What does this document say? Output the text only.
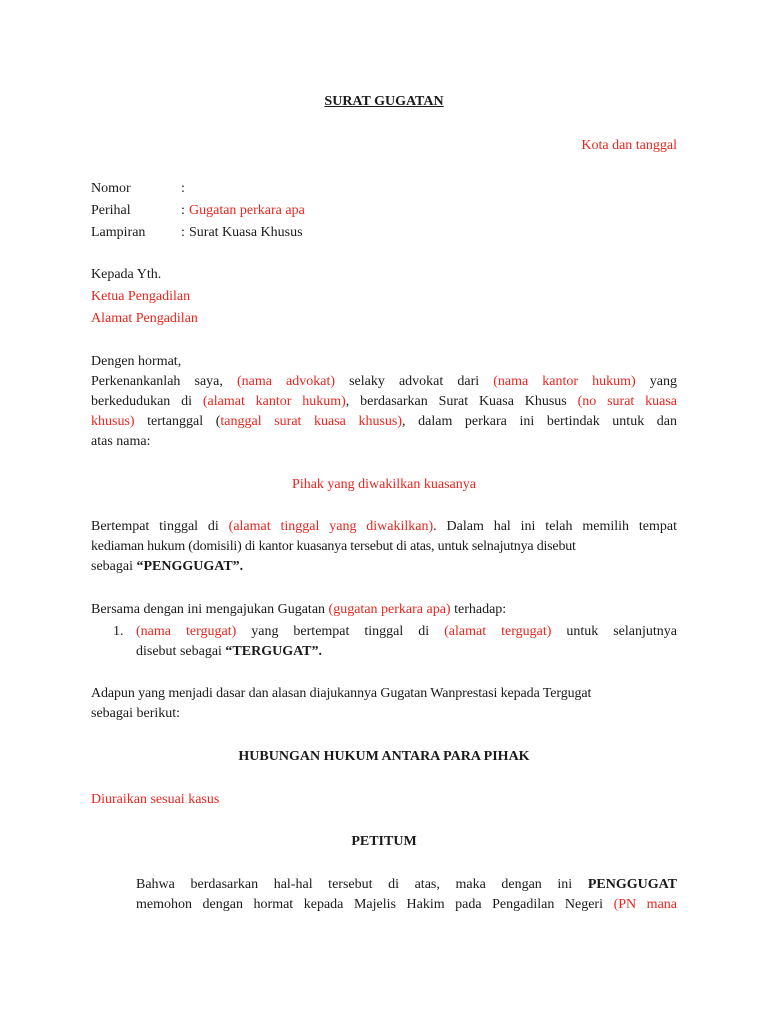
SURAT GUGATAN
Kota dan tanggal
Nomor	:
Perihal	: Gugatan perkara apa
Lampiran	: Surat Kuasa Khusus
Kepada Yth.
Ketua Pengadilan
Alamat Pengadilan
Dengen hormat,
Perkenankanlah saya, (nama advokat) selaky advokat dari (nama kantor hukum) yang
berkedudukan di (alamat kantor hukum), berdasarkan Surat Kuasa Khusus (no surat kuasa
khusus) tertanggal (tanggal surat kuasa khusus), dalam perkara ini bertindak untuk dan
atas nama:
Pihak yang diwakilkan kuasanya
Bertempat tinggal di (alamat tinggal yang diwakilkan). Dalam hal ini telah memilih tempat
kediaman hukum (domisili) di kantor kuasanya tersebut di atas, untuk selnajutnya disebut
sebagai “PENGGUGAT”.
Bersama dengan ini mengajukan Gugatan (gugatan perkara apa) terhadap:
1. (nama tergugat) yang bertempat tinggal di (alamat tergugat) untuk selanjutnya
disebut sebagai “TERGUGAT”.
Adapun yang menjadi dasar dan alasan diajukannya Gugatan Wanprestasi kepada Tergugat
sebagai berikut:
HUBUNGAN HUKUM ANTARA PARA PIHAK
Diuraikan sesuai kasus
PETITUM
Bahwa berdasarkan hal-hal tersebut di atas, maka dengan ini PENGGUGAT
memohon dengan hormat kepada Majelis Hakim pada Pengadilan Negeri (PN mana
